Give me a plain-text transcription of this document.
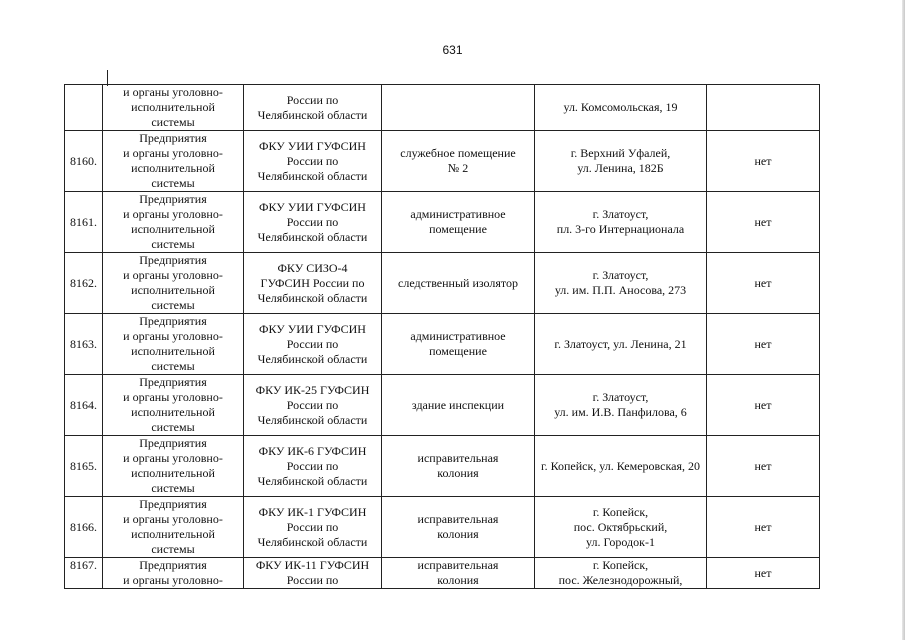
631
	и органы уголовно-
исполнительной
системы	России по
Челябинской области		ул. Комсомольская, 19	
8160.	Предприятия
и органы уголовно-
исполнительной
системы	ФКУ УИИ ГУФСИН
России по
Челябинской области	служебное помещение
№ 2	г. Верхний Уфалей,
ул. Ленина, 182Б	нет
8161.	Предприятия
и органы уголовно-
исполнительной
системы	ФКУ УИИ ГУФСИН
России по
Челябинской области	административное
помещение	г. Златоуст,
пл. 3-го Интернационала	нет
8162.	Предприятия
и органы уголовно-
исполнительной
системы	ФКУ СИЗО-4
ГУФСИН России по
Челябинской области	следственный изолятор	г. Златоуст,
ул. им. П.П. Аносова, 273	нет
8163.	Предприятия
и органы уголовно-
исполнительной
системы	ФКУ УИИ ГУФСИН
России по
Челябинской области	административное
помещение	г. Златоуст, ул. Ленина, 21	нет
8164.	Предприятия
и органы уголовно-
исполнительной
системы	ФКУ ИК-25 ГУФСИН
России по
Челябинской области	здание инспекции	г. Златоуст,
ул. им. И.В. Панфилова, 6	нет
8165.	Предприятия
и органы уголовно-
исполнительной
системы	ФКУ ИК-6 ГУФСИН
России по
Челябинской области	исправительная
колония	г. Копейск, ул. Кемеровская, 20	нет
8166.	Предприятия
и органы уголовно-
исполнительной
системы	ФКУ ИК-1 ГУФСИН
России по
Челябинской области	исправительная
колония	г. Копейск,
пос. Октябрьский,
ул. Городок-1	нет
8167.	Предприятия
и органы уголовно-	ФКУ ИК-11 ГУФСИН
России по	исправительная
колония	г. Копейск,
пос. Железнодорожный,	нет
